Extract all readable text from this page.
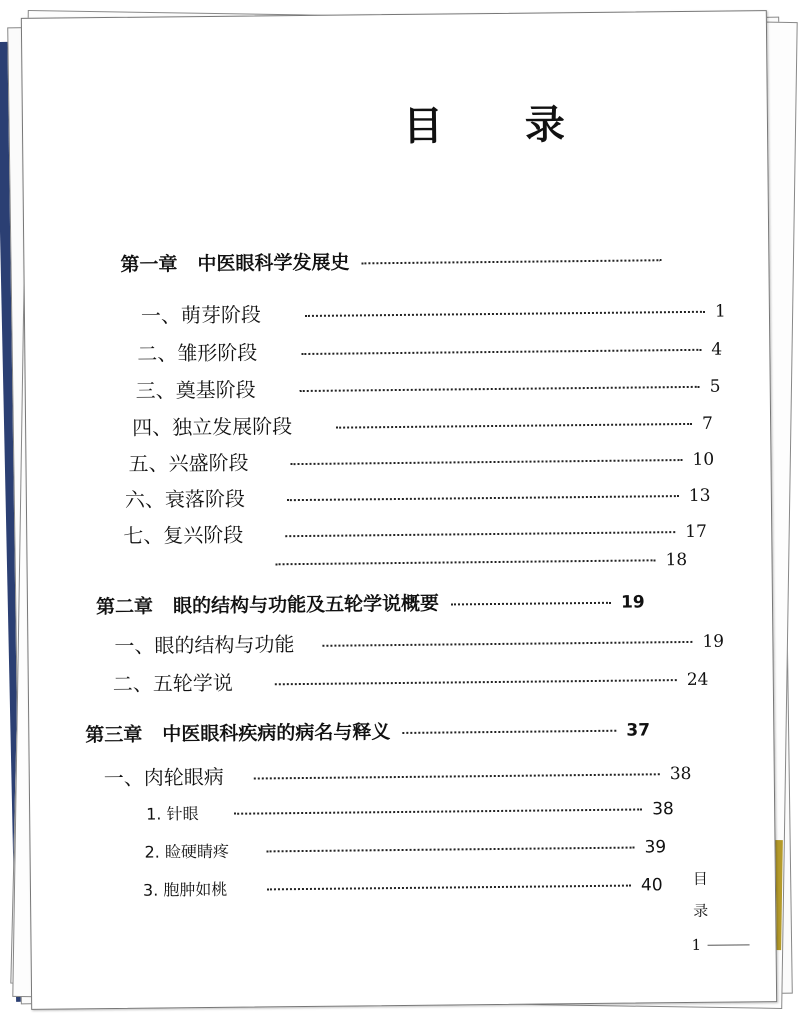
目 录
第一章 中医眼科学发展史
一、萌芽阶段	1
二、雏形阶段	4
三、奠基阶段	5
四、独立发展阶段	7
五、兴盛阶段	10
六、衰落阶段	13
七、复兴阶段	17
18
第二章 眼的结构与功能及五轮学说概要	19
一、眼的结构与功能	19
二、五轮学说	24
第三章 中医眼科疾病的病名与释义	37
一、肉轮眼病	38
1. 针眼	38
2. 睑硬睛疼	39
3. 胞肿如桃	40 目
录
1
